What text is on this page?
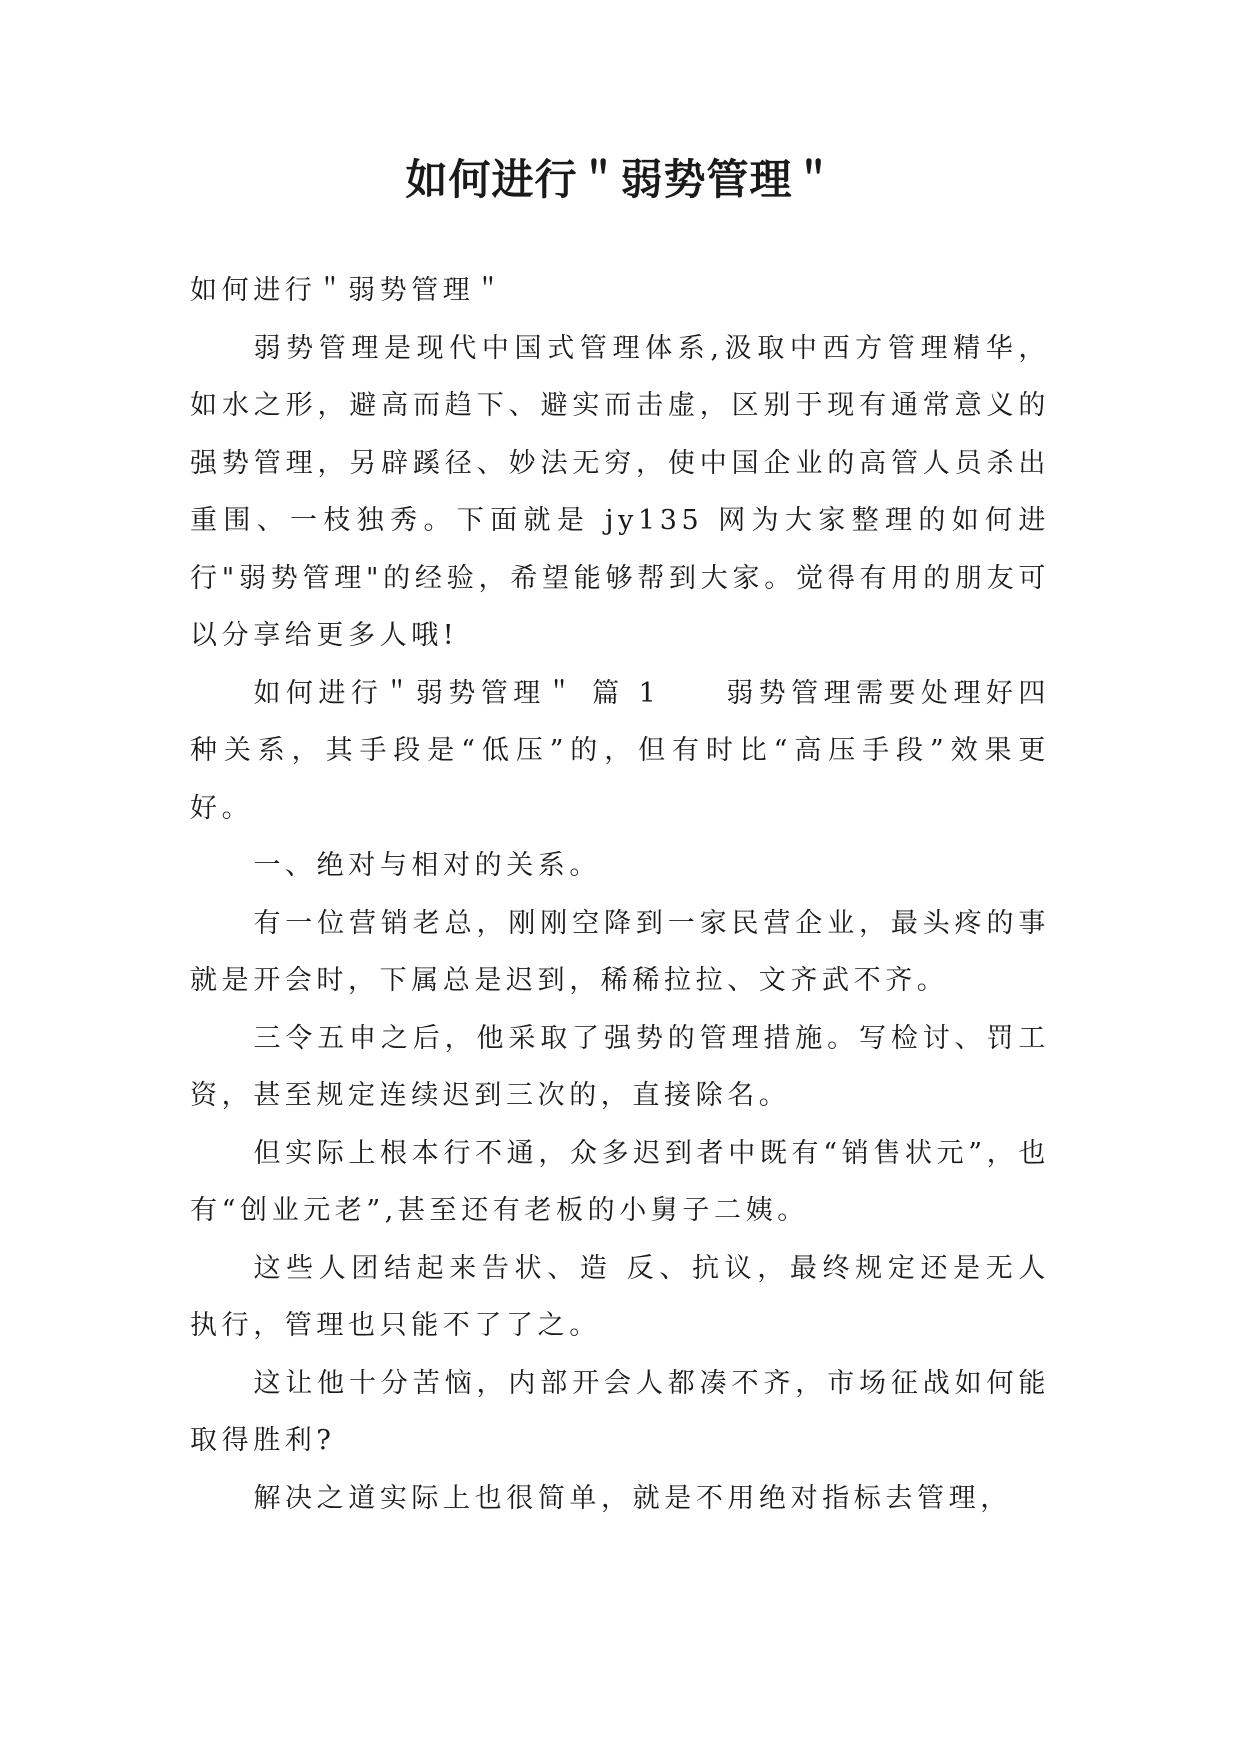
如何进行＂弱势管理＂

如何进行＂弱势管理＂

弱势管理是现代中国式管理体系,汲取中西方管理精华，如水之形，避高而趋下、避实而击虚，区别于现有通常意义的强势管理，另辟蹊径、妙法无穷，使中国企业的高管人员杀出重围、一枝独秀。下面就是 jy135 网为大家整理的如何进行"弱势管理"的经验，希望能够帮到大家。觉得有用的朋友可以分享给更多人哦!

如何进行＂弱势管理＂ 篇 1　　弱势管理需要处理好四种关系，其手段是“低压”的，但有时比“高压手段”效果更好。

一、绝对与相对的关系。

有一位营销老总，刚刚空降到一家民营企业，最头疼的事就是开会时，下属总是迟到，稀稀拉拉、文齐武不齐。

三令五申之后，他采取了强势的管理措施。写检讨、罚工资，甚至规定连续迟到三次的，直接除名。

但实际上根本行不通，众多迟到者中既有“销售状元”，也有“创业元老”,甚至还有老板的小舅子二姨。

这些人团结起来告状、造 反、抗议，最终规定还是无人执行，管理也只能不了了之。

这让他十分苦恼，内部开会人都凑不齐，市场征战如何能取得胜利?

解决之道实际上也很简单，就是不用绝对指标去管理，
